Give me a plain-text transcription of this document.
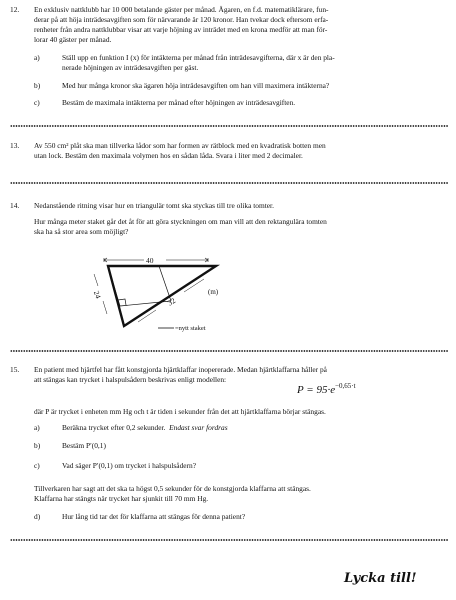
12. En exklusiv nattklubb har 10 000 betalande gäster per månad. Ägaren, en f.d. matematiklärare, fun-

derar på att höja inträdesavgiften som för närvarande är 120 kronor. Han tvekar dock eftersom erfa-

renheter från andra nattklubbar visar att varje höjning av inträdet med en krona medför att man för-

lorar 40 gäster per månad.

a)	Ställ upp en funktion I (x) för intäkterna per månad från inträdesavgifterna, där x är den pla-

nerade höjningen av inträdesavgiften per gäst.

b)	Med hur många kronor ska ägaren höja inträdesavgiften om han vill maximera intäkterna?

c)	Bestäm de maximala intäkterna per månad efter höjningen av inträdesavgiften.

13. Av 550 cm² plåt ska man tillverka lådor som har formen av rätblock med en kvadratisk botten men

utan lock. Bestäm den maximala volymen hos en sådan låda. Svara i liter med 2 decimaler.

14. Nedanstående ritning visar hur en triangulär tomt ska styckas till tre olika tomter.

Hur många meter staket går det åt för att göra styckningen om man vill att den rektangulära tomten

ska ha så stor area som möjligt?

40
24
32
(m)
=nytt staket
15. En patient med hjärtfel har fått konstgjorda hjärtklaffar inopererade. Medan hjärtklaffarna håller på

att stängas kan trycket i halspulsådern beskrivas enligt modellen:

$P = 95\cdot e^{-0,65\cdot t}$

där P är trycket i enheten mm Hg och t är tiden i sekunder från det att hjärtklaffarna börjar stängas.

a)	Beräkna trycket efter 0,2 sekunder. Endast svar fordras

b)	Bestäm P′(0,1)

c)	Vad säger P′(0,1) om trycket i halspulsådern?

Tillverkaren har sagt att det ska ta högst 0,5 sekunder för de konstgjorda klaffarna att stängas.

Klaffarna har stängts när trycket har sjunkit till 70 mm Hg.

d)	Hur lång tid tar det för klaffarna att stängas för denna patient?

Lycka till!
